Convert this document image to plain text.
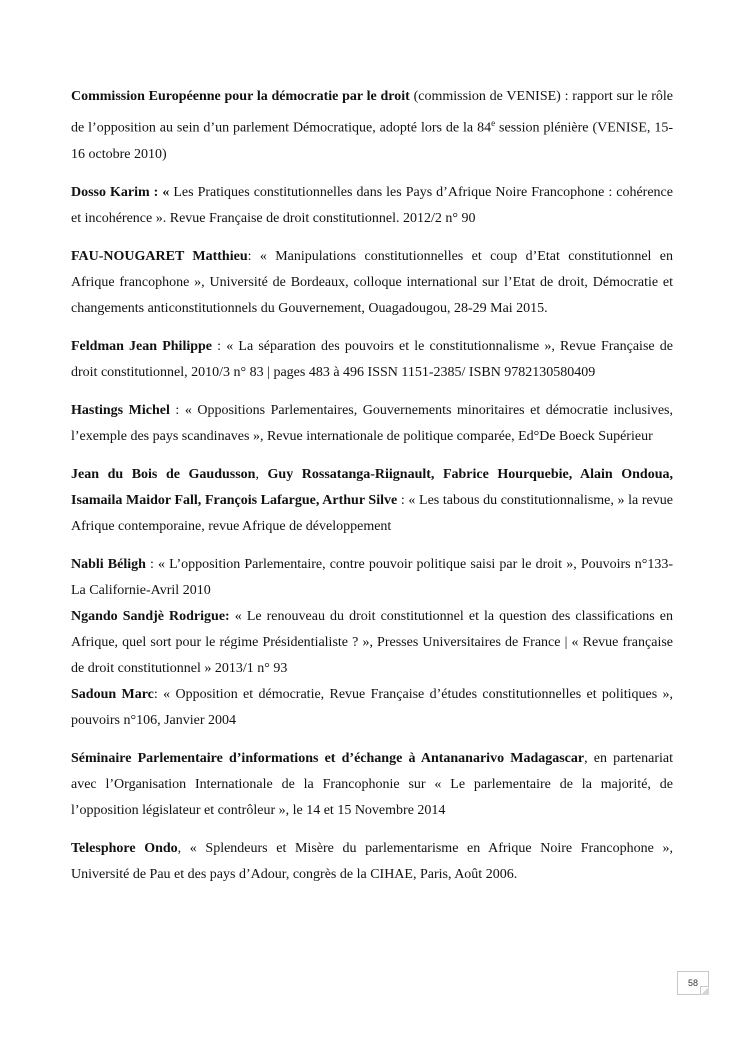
Commission Européenne pour la démocratie par le droit (commission de VENISE) : rapport sur le rôle de l’opposition au sein d’un parlement Démocratique, adopté lors de la 84e session plénière (VENISE, 15-16 octobre 2010)

Dosso Karim : « Les Pratiques constitutionnelles dans les Pays d’Afrique Noire Francophone : cohérence et incohérence ». Revue Française de droit constitutionnel. 2012/2 n° 90

FAU-NOUGARET Matthieu: « Manipulations constitutionnelles et coup d’Etat constitutionnel en Afrique francophone », Université de Bordeaux, colloque international sur l’Etat de droit, Démocratie et changements anticonstitutionnels du Gouvernement, Ouagadougou, 28-29 Mai 2015.

Feldman Jean Philippe : « La séparation des pouvoirs et le constitutionnalisme », Revue Française de droit constitutionnel, 2010/3 n° 83 | pages 483 à 496 ISSN 1151-2385/ ISBN 9782130580409

Hastings Michel : « Oppositions Parlementaires, Gouvernements minoritaires et démocratie inclusives, l’exemple des pays scandinaves », Revue internationale de politique comparée, Ed°De Boeck Supérieur

Jean du Bois de Gaudusson, Guy Rossatanga-Riignault, Fabrice Hourquebie, Alain Ondoua, Isamaila Maidor Fall, François Lafargue, Arthur Silve : « Les tabous du constitutionnalisme, » la revue Afrique contemporaine, revue Afrique de développement

Nabli Béligh : « L’opposition Parlementaire, contre pouvoir politique saisi par le droit », Pouvoirs n°133-La Californie-Avril 2010

Ngando Sandjè Rodrigue: « Le renouveau du droit constitutionnel et la question des classifications en Afrique, quel sort pour le régime Présidentialiste ? », Presses Universitaires de France | « Revue française de droit constitutionnel » 2013/1 n° 93

Sadoun Marc: « Opposition et démocratie, Revue Française d’études constitutionnelles et politiques », pouvoirs n°106, Janvier 2004

Séminaire Parlementaire d’informations et d’échange à Antananarivo Madagascar, en partenariat avec l’Organisation Internationale de la Francophonie sur « Le parlementaire de la majorité, de l’opposition législateur et contrôleur », le 14 et 15 Novembre 2014

Telesphore Ondo, « Splendeurs et Misère du parlementarisme en Afrique Noire Francophone », Université de Pau et des pays d’Adour, congrès de la CIHAE, Paris, Août 2006.

58
